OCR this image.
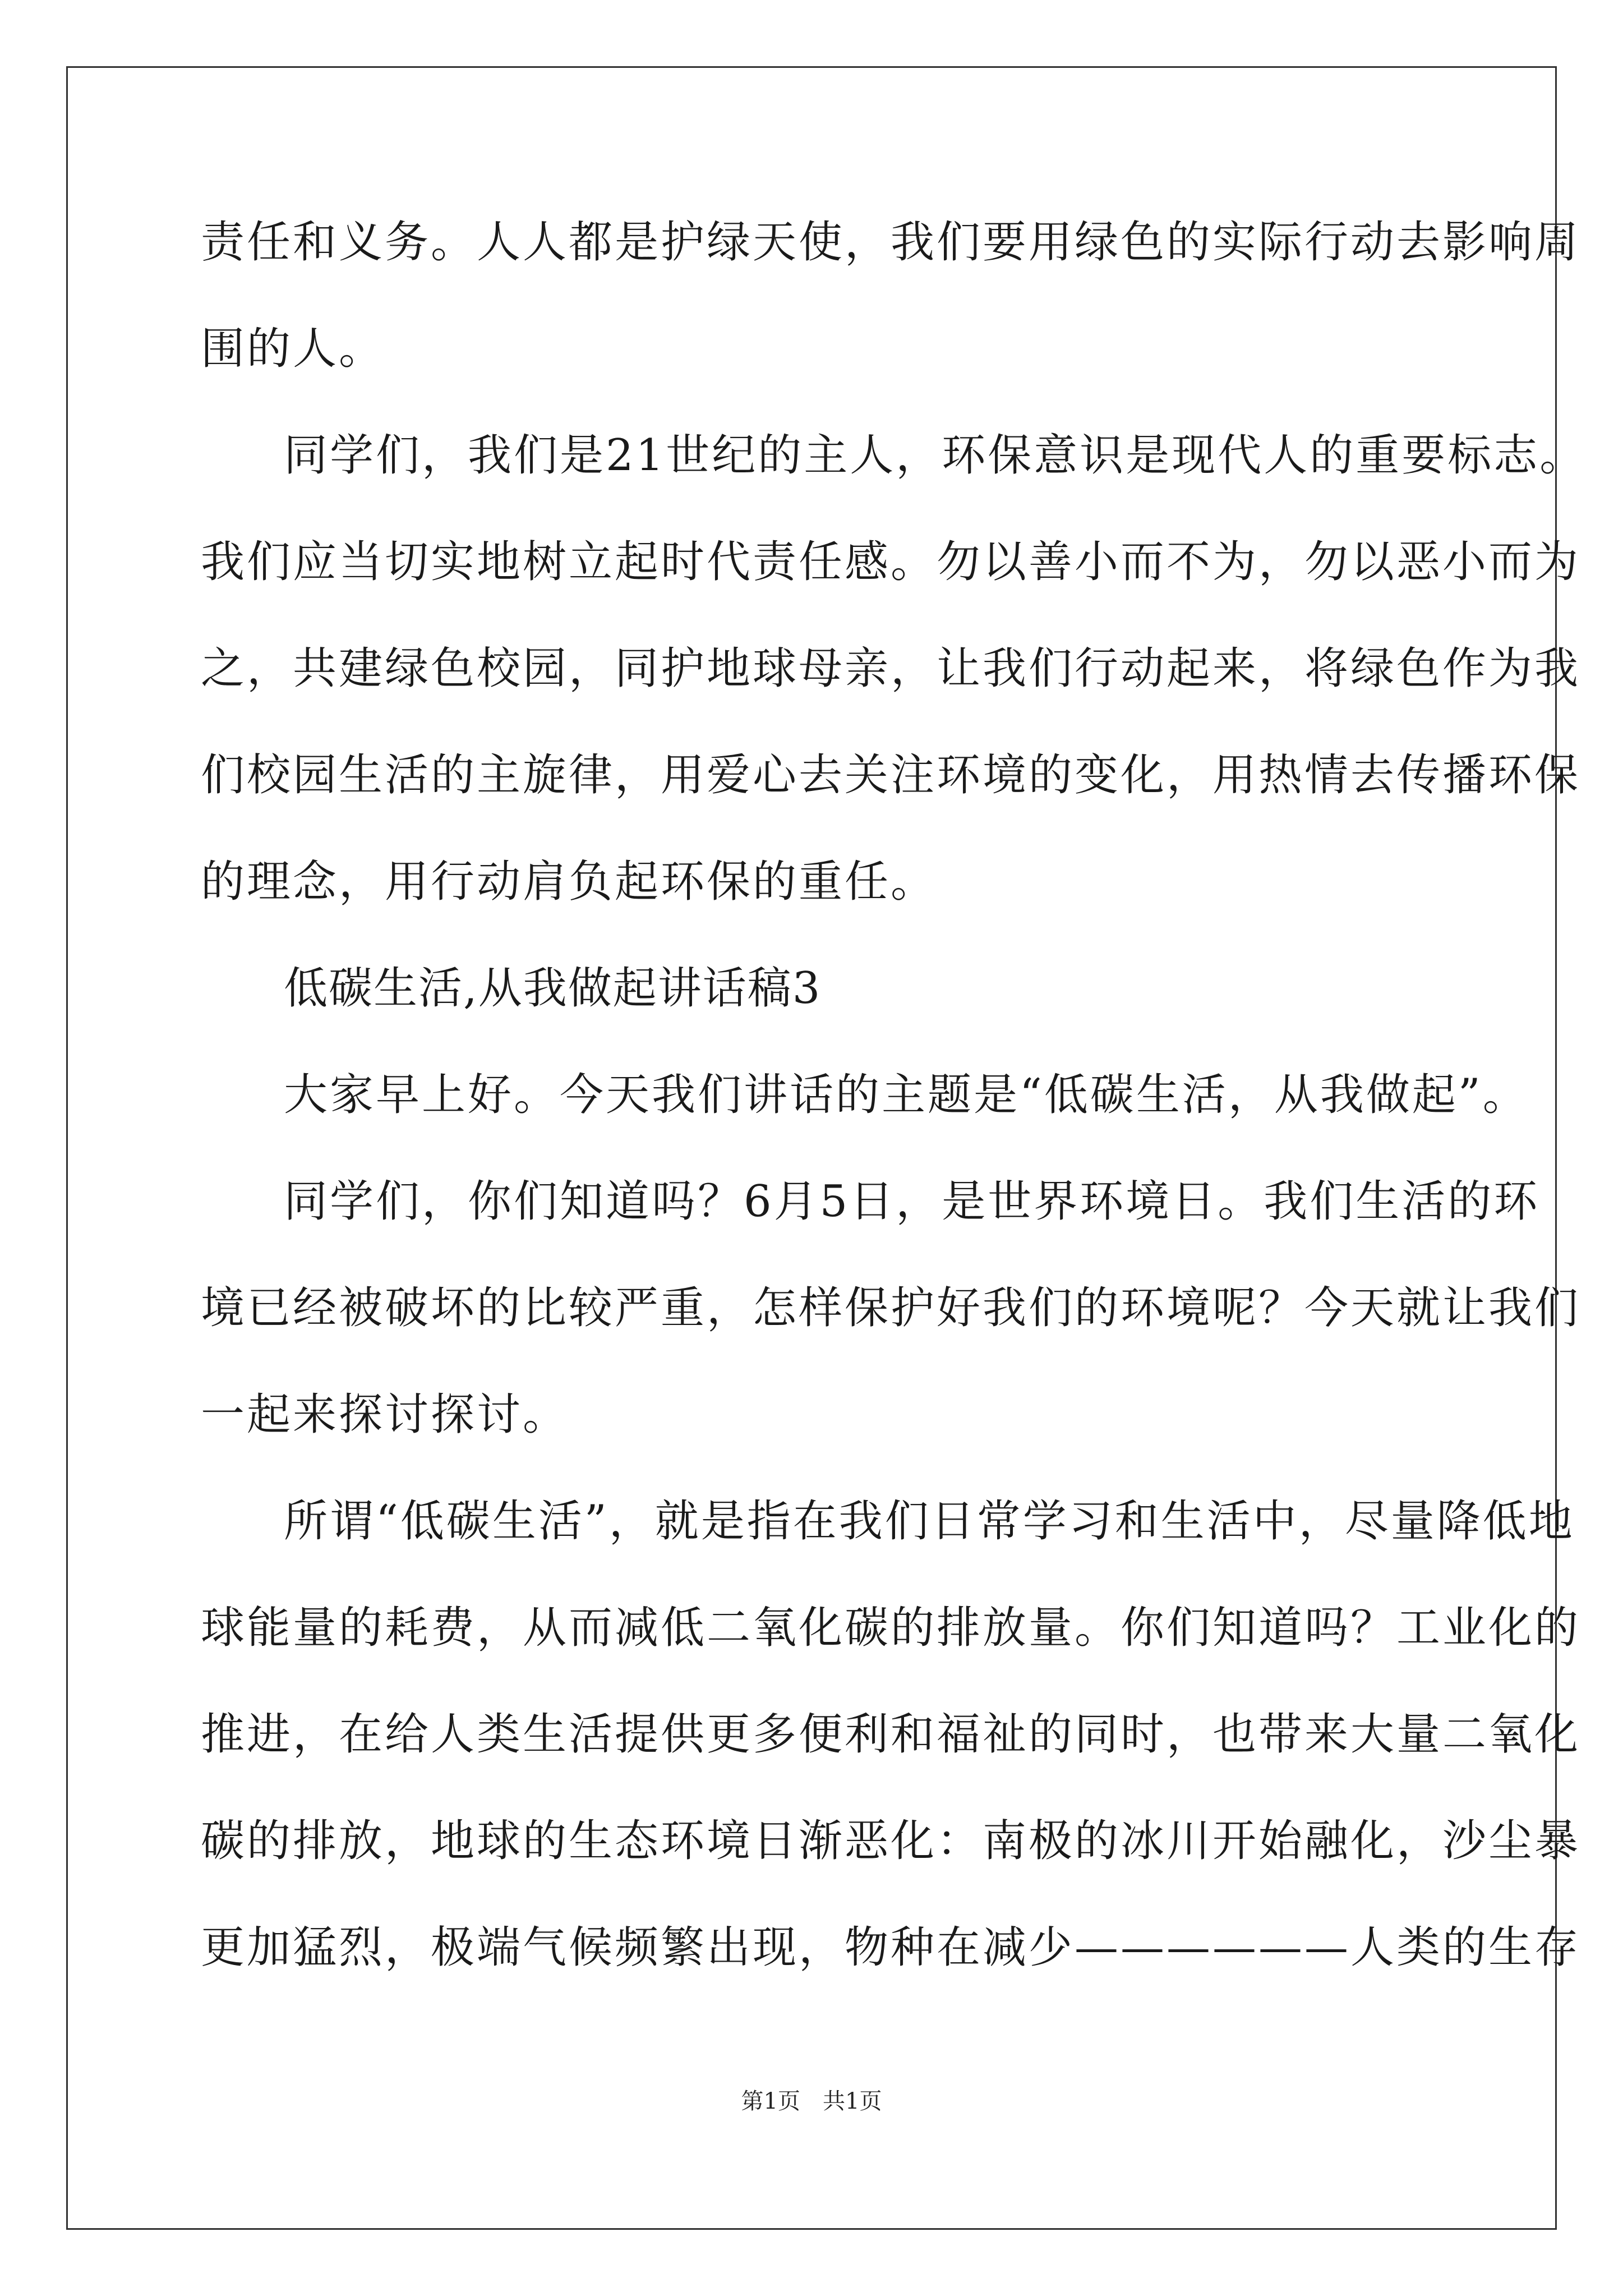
责任和义务。人人都是护绿天使，我们要用绿色的实际行动去影响周
围的人。
同学们，我们是21世纪的主人，环保意识是现代人的重要标志。
我们应当切实地树立起时代责任感。勿以善小而不为，勿以恶小而为
之，共建绿色校园，同护地球母亲，让我们行动起来，将绿色作为我
们校园生活的主旋律，用爱心去关注环境的变化，用热情去传播环保
的理念，用行动肩负起环保的重任。
低碳生活,从我做起讲话稿3
大家早上好。今天我们讲话的主题是“低碳生活，从我做起”。
同学们，你们知道吗？6月5日，是世界环境日。我们生活的环
境已经被破坏的比较严重，怎样保护好我们的环境呢？今天就让我们
一起来探讨探讨。
所谓“低碳生活”，就是指在我们日常学习和生活中，尽量降低地
球能量的耗费，从而减低二氧化碳的排放量。你们知道吗？工业化的
推进，在给人类生活提供更多便利和福祉的同时，也带来大量二氧化
碳的排放，地球的生态环境日渐恶化：南极的冰川开始融化，沙尘暴
更加猛烈，极端气候频繁出现，物种在减少——————人类的生存
第1页　共1页
